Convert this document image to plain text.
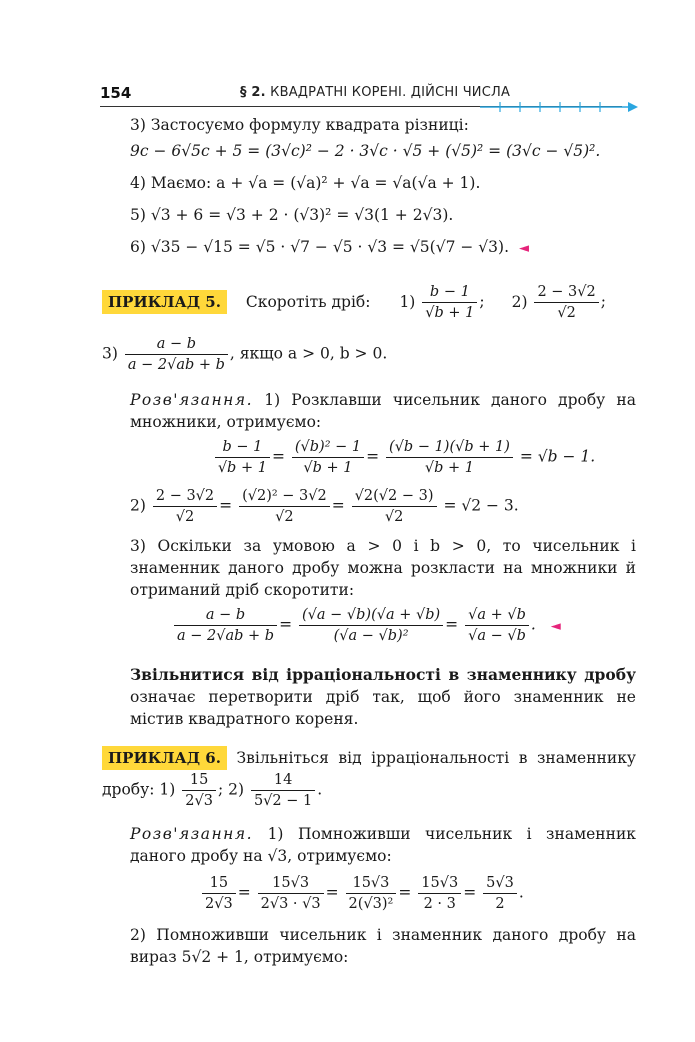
154	§ 2. КВАДРАТНІ КОРЕНІ. ДІЙСНІ ЧИСЛА
3) Застосуємо формулу квадрата різниці:
9c − 6√5c + 5 = (3√c)² − 2 · 3√c · √5 + (√5)² = (3√c − √5)².
4) Маємо: a + √a = (√a)² + √a = √a(√a + 1).
5) √3 + 6 = √3 + 2 · (√3)² = √3(1 + 2√3).
6) √35 − √15 = √5 · √7 − √5 · √3 = √5(√7 − √3). ◄
ПРИКЛАД 5. Скоротіть дріб: $1) \frac{b - 1}{√b + 1}$ ; $2) \frac{2 - 3√2}{√2}$ ;
$3) \frac{a - b}{a - 2√ab + b}$ , якщо a > 0, b > 0.
Розв'язання. 1) Розклавши чисельник даного дробу на множники, отримуємо:
$\frac{b - 1}{√b + 1} = \frac{\text{(√b)² − 1}}{√b + 1} = \frac{(√b - 1)(√b + 1)}{√b + 1} = √b - 1$.
$2) \frac{2 - 3√2}{√2} = \frac{\text{(√2)² − 3√2}}{√2} = \frac{√2(√2 - 3)}{√2} = √2 - 3$.
3) Оскільки за умовою a > 0 і b > 0, то чисельник і знаменник даного дробу можна розкласти на множники й отриманий дріб скоротити:
$\frac{a - b}{a - 2√ab + b} = \frac{(√a - √b)(√a + √b)}{\text{(√a − √b)²}} = \frac{√a + √b}{√a - √b}$ . ◄
Звільнитися від ірраціональності в знаменнику дробу означає перетворити дріб так, щоб його знаменник не містив квадратного кореня.
ПРИКЛАД 6. Звільніться від ірраціональності в знаменнику дробу: $1) \frac{15}{2√3}$ ; $2) \frac{14}{5√2 - 1}$ .
Розв'язання. 1) Помноживши чисельник і знаменник даного дробу на √3, отримуємо:
$\frac{15}{2√3} = \frac{15√3}{2√3 \cdot √3} = \frac{15√3}{\text{2(√3)²}} = \frac{15√3}{2 \cdot 3} = \frac{5√3}{2}$ .
2) Помноживши чисельник і знаменник даного дробу на вираз 5√2 + 1, отримуємо:
